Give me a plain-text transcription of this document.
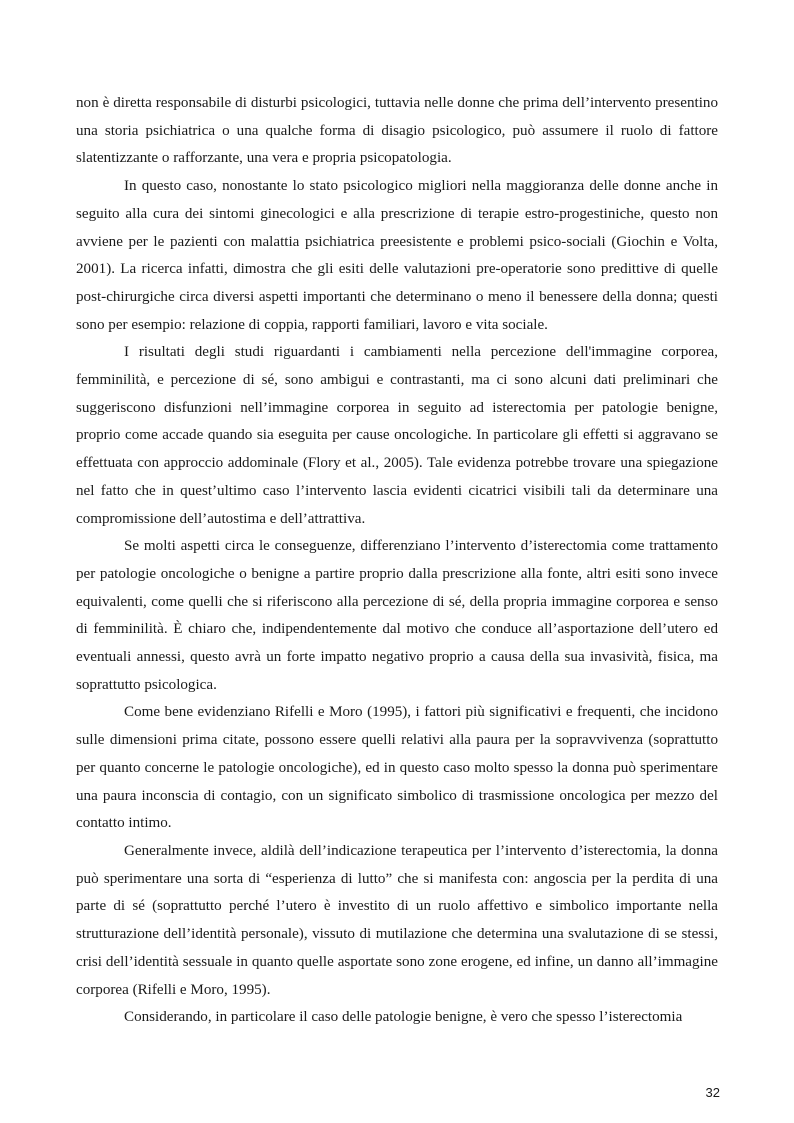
non è diretta responsabile di disturbi psicologici, tuttavia nelle donne che prima dell’intervento presentino una storia psichiatrica o una qualche forma di disagio psicologico, può assumere il ruolo di fattore slatentizzante o rafforzante, una vera e propria psicopatologia.

In questo caso, nonostante lo stato psicologico migliori nella maggioranza delle donne anche in seguito alla cura dei sintomi ginecologici e alla prescrizione di terapie estro-progestiniche, questo non avviene per le pazienti con malattia psichiatrica preesistente e problemi psico-sociali (Giochin e Volta, 2001). La ricerca infatti, dimostra che gli esiti delle valutazioni pre-operatorie sono predittive di quelle post-chirurgiche circa diversi aspetti importanti che determinano o meno il benessere della donna; questi sono per esempio: relazione di coppia, rapporti familiari, lavoro e vita sociale.

I risultati degli studi riguardanti i cambiamenti nella percezione dell'immagine corporea, femminilità, e percezione di sé, sono ambigui e contrastanti, ma ci sono alcuni dati preliminari che suggeriscono disfunzioni nell’immagine corporea in seguito ad isterectomia per patologie benigne, proprio come accade quando sia eseguita per cause oncologiche. In particolare gli effetti si aggravano se effettuata con approccio addominale (Flory et al., 2005). Tale evidenza potrebbe trovare una spiegazione nel fatto che in quest’ultimo caso l’intervento lascia evidenti cicatrici visibili tali da determinare una compromissione dell’autostima e dell’attrattiva.

Se molti aspetti circa le conseguenze, differenziano l’intervento d’isterectomia come trattamento per patologie oncologiche o benigne a partire proprio dalla prescrizione alla fonte, altri esiti sono invece equivalenti, come quelli che si riferiscono alla percezione di sé, della propria immagine corporea e senso di femminilità. È chiaro che, indipendentemente dal motivo che conduce all’asportazione dell’utero ed eventuali annessi, questo avrà un forte impatto negativo proprio a causa della sua invasività, fisica, ma soprattutto psicologica.

Come bene evidenziano Rifelli e Moro (1995), i fattori più significativi e frequenti, che incidono sulle dimensioni prima citate, possono essere quelli relativi alla paura per la sopravvivenza (soprattutto per quanto concerne le patologie oncologiche), ed in questo caso molto spesso la donna può sperimentare una paura inconscia di contagio, con un significato simbolico di trasmissione oncologica per mezzo del contatto intimo.

Generalmente invece, aldilà dell’indicazione terapeutica per l’intervento d’isterectomia, la donna può sperimentare una sorta di “esperienza di lutto” che si manifesta con: angoscia per la perdita di una parte di sé (soprattutto perché l’utero è investito di un ruolo affettivo e simbolico importante nella strutturazione dell’identità personale), vissuto di mutilazione che determina una svalutazione di se stessi, crisi dell’identità sessuale in quanto quelle asportate sono zone erogene, ed infine, un danno all’immagine corporea (Rifelli e Moro, 1995).

Considerando, in particolare il caso delle patologie benigne, è vero che spesso l’isterectomia

32
